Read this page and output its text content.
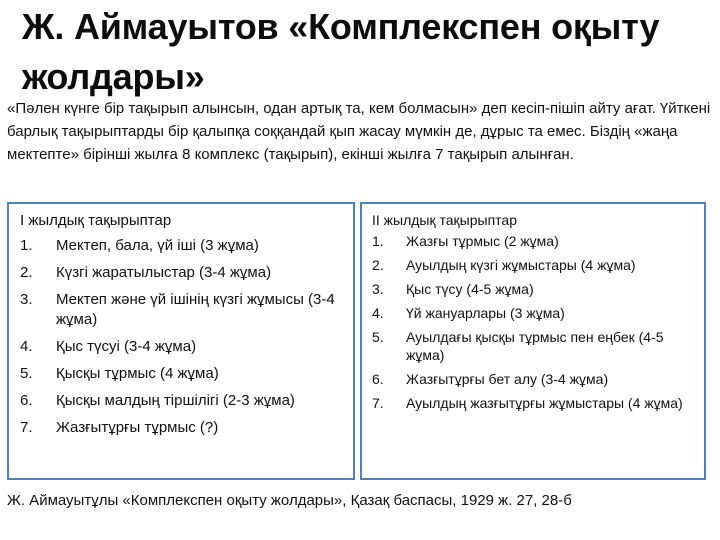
Ж. Аймауытов «Комплекспен оқыту жолдары»

«Пәлен күнге бір тақырып алынсын, одан артық та, кем болмасын» деп кесіп-пішіп айту ағат. Үйткені барлық тақырыптарды бір қалыпқа соққандай қып жасау мүмкін де, дұрыс та емес. Біздің «жаңа мектепте» бірінші жылға 8 комплекс (тақырып), екінші жылға 7 тақырып алынған.

I жылдық тақырыптар

1.	Мектеп, бала, үй іші (3 жұма)
2.	Күзгі жаратылыстар (3-4 жұма)
3.	Мектеп және үй ішінің күзгі жұмысы (3-4 жұма)
4.	Қыс түсуі (3-4 жұма)
5.	Қысқы тұрмыс (4 жұма)
6.	Қысқы малдың тіршілігі (2-3 жұма)
7.	Жазғытұрғы тұрмыс (?)

II жылдық тақырыптар

1.	Жазғы тұрмыс (2 жұма)
2.	Ауылдың күзгі жұмыстары (4 жұма)
3.	Қыс түсу (4-5 жұма)
4.	Үй жануарлары (3 жұма)
5.	Ауылдағы қысқы тұрмыс пен еңбек (4-5 жұма)
6.	Жазғытұрғы бет алу (3-4 жұма)
7.	Ауылдың жазғытұрғы жұмыстары (4 жұма)

Ж. Аймауытұлы «Комплекспен оқыту жолдары», Қазақ баспасы, 1929 ж. 27, 28-б
